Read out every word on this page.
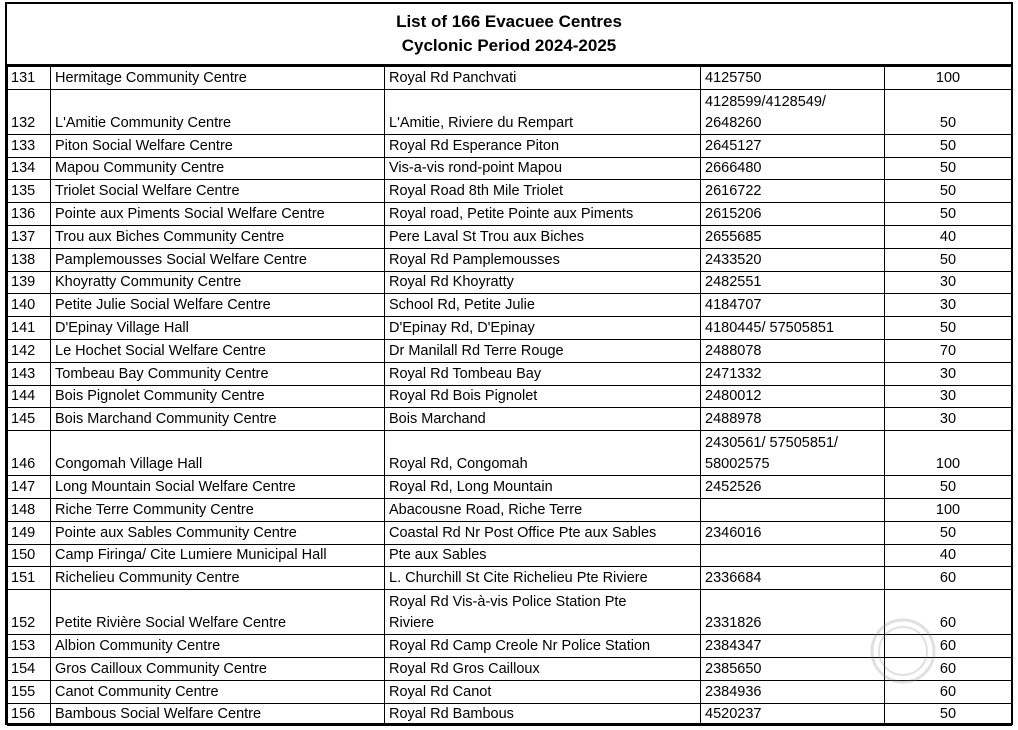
List of 166 Evacuee Centres
Cyclonic Period 2024-2025
131	Hermitage Community Centre	Royal Rd Panchvati	4125750	100
132	L'Amitie Community Centre	L'Amitie, Riviere du Rempart	4128599/4128549/
2648260	50
133	Piton Social Welfare Centre	Royal Rd Esperance Piton	2645127	50
134	Mapou Community Centre	Vis-a-vis rond-point Mapou	2666480	50
135	Triolet Social Welfare Centre	Royal Road 8th Mile Triolet	2616722	50
136	Pointe aux Piments Social Welfare Centre	Royal road, Petite Pointe aux Piments	2615206	50
137	Trou aux Biches Community Centre	Pere Laval St Trou aux Biches	2655685	40
138	Pamplemousses Social Welfare Centre	Royal Rd Pamplemousses	2433520	50
139	Khoyratty Community Centre	Royal Rd Khoyratty	2482551	30
140	Petite Julie Social Welfare Centre	School Rd, Petite Julie	4184707	30
141	D'Epinay Village Hall	D'Epinay Rd, D'Epinay	4180445/ 57505851	50
142	Le Hochet Social Welfare Centre	Dr Manilall Rd Terre Rouge	2488078	70
143	Tombeau Bay Community Centre	Royal Rd Tombeau Bay	2471332	30
144	Bois Pignolet Community Centre	Royal Rd Bois Pignolet	2480012	30
145	Bois Marchand Community Centre	Bois Marchand	2488978	30
146	Congomah Village Hall	Royal Rd, Congomah	2430561/ 57505851/
58002575	100
147	Long Mountain Social Welfare Centre	Royal Rd, Long Mountain	2452526	50
148	Riche Terre Community Centre	Abacousne Road, Riche Terre		100
149	Pointe aux Sables Community Centre	Coastal Rd Nr Post Office Pte aux Sables	2346016	50
150	Camp Firinga/ Cite Lumiere Municipal Hall	Pte aux Sables		40
151	Richelieu Community Centre	L. Churchill St Cite Richelieu Pte Riviere	2336684	60
152	Petite Rivière Social Welfare Centre	Royal Rd Vis-à-vis Police Station Pte
Riviere	2331826	60
153	Albion Community Centre	Royal Rd Camp Creole Nr Police Station	2384347	60
154	Gros Cailloux Community Centre	Royal Rd Gros Cailloux	2385650	60
155	Canot Community Centre	Royal Rd Canot	2384936	60
156	Bambous Social Welfare Centre	Royal Rd Bambous	4520237	50
